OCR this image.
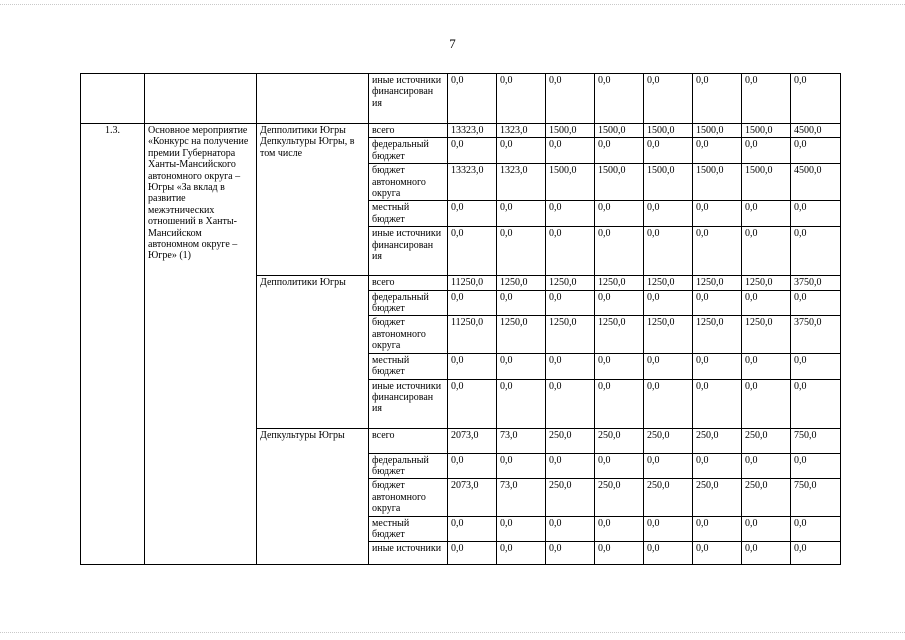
7
			иные источники финансирован ия	0,0	0,0	0,0	0,0	0,0	0,0	0,0	0,0
1.3.	Основное мероприятие «Конкурс на получение премии Губернатора Ханты-Мансийского автономного округа – Югры «За вклад в развитие межэтнических отношений в Ханты-Мансийском автономном округе – Югре» (1)	Депполитики Югры Депкультуры Югры, в том числе	всего	13323,0	1323,0	1500,0	1500,0	1500,0	1500,0	1500,0	4500,0
			федеральный бюджет	0,0	0,0	0,0	0,0	0,0	0,0	0,0	0,0
			бюджет автономного округа	13323,0	1323,0	1500,0	1500,0	1500,0	1500,0	1500,0	4500,0
			местный бюджет	0,0	0,0	0,0	0,0	0,0	0,0	0,0	0,0
			иные источники финансирован ия	0,0	0,0	0,0	0,0	0,0	0,0	0,0	0,0
		Депполитики Югры	всего	11250,0	1250,0	1250,0	1250,0	1250,0	1250,0	1250,0	3750,0
			федеральный бюджет	0,0	0,0	0,0	0,0	0,0	0,0	0,0	0,0
			бюджет автономного округа	11250,0	1250,0	1250,0	1250,0	1250,0	1250,0	1250,0	3750,0
			местный бюджет	0,0	0,0	0,0	0,0	0,0	0,0	0,0	0,0
			иные источники финансирован ия	0,0	0,0	0,0	0,0	0,0	0,0	0,0	0,0
		Депкультуры Югры	всего	2073,0	73,0	250,0	250,0	250,0	250,0	250,0	750,0
			федеральный бюджет	0,0	0,0	0,0	0,0	0,0	0,0	0,0	0,0
			бюджет автономного округа	2073,0	73,0	250,0	250,0	250,0	250,0	250,0	750,0
			местный бюджет	0,0	0,0	0,0	0,0	0,0	0,0	0,0	0,0
			иные источники	0,0	0,0	0,0	0,0	0,0	0,0	0,0	0,0
